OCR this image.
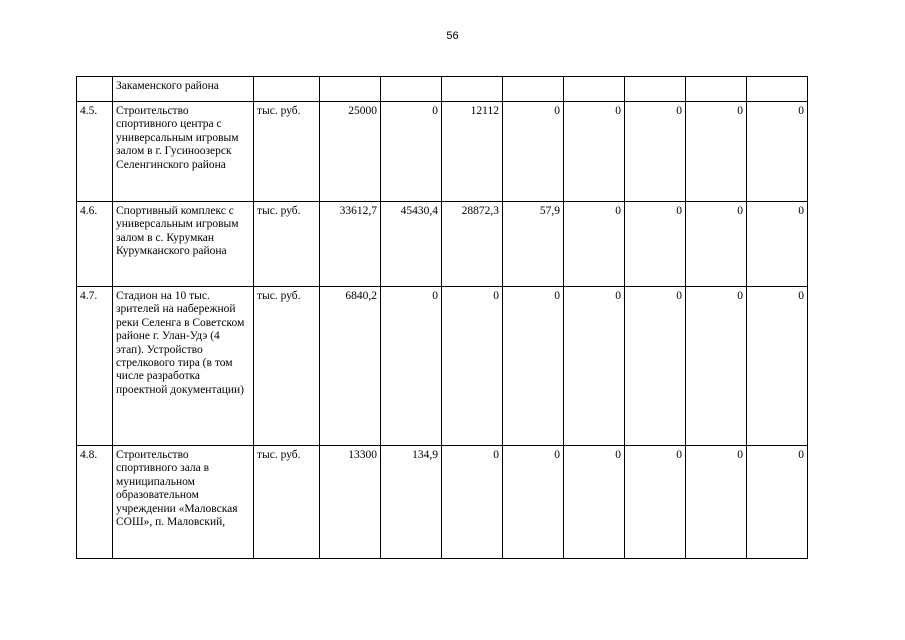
56
	Закаменского района									
4.5.	Строительство спортивного центра с универсальным игровым залом в г. Гусиноозерск Селенгинского района	тыс. руб.	25000	0	12112	0	0	0	0	0
4.6.	Спортивный комплекс с универсальным игровым залом в с. Курумкан Курумканского района	тыс. руб.	33612,7	45430,4	28872,3	57,9	0	0	0	0
4.7.	Стадион на 10 тыс. зрителей на набережной реки Селенга в Советском районе г. Улан-Удэ (4 этап). Устройство стрелкового тира (в том числе разработка проектной документации)	тыс. руб.	6840,2	0	0	0	0	0	0	0
4.8.	Строительство спортивного зала в муниципальном образовательном учреждении «Маловская СОШ», п. Маловский,	тыс. руб.	13300	134,9	0	0	0	0	0	0
